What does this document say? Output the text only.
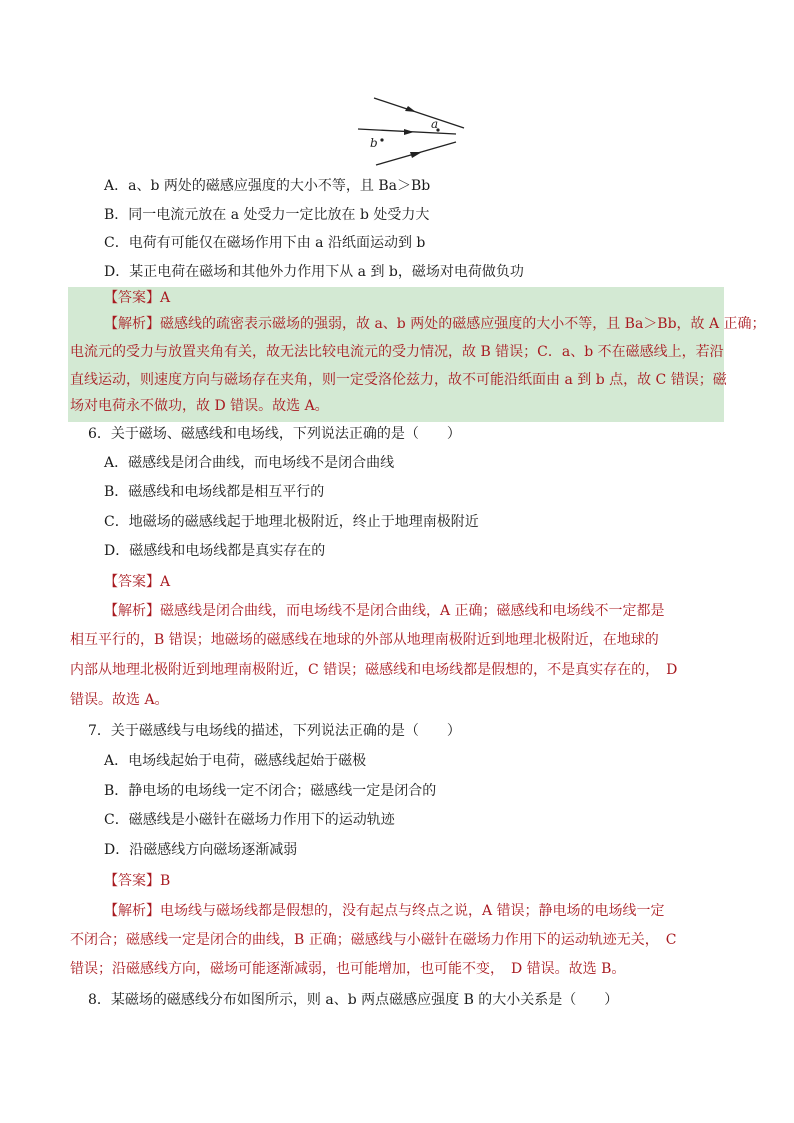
a
b
A．a、b 两处的磁感应强度的大小不等，且 Ba＞Bb
B．同一电流元放在 a 处受力一定比放在 b 处受力大
C．电荷有可能仅在磁场作用下由 a 沿纸面运动到 b
D．某正电荷在磁场和其他外力作用下从 a 到 b，磁场对电荷做负功
【答案】A
【解析】磁感线的疏密表示磁场的强弱，故 a、b 两处的磁感应强度的大小不等，且 Ba＞Bb，故 A 正确；
电流元的受力与放置夹角有关，故无法比较电流元的受力情况，故 B 错误；C．a、b 不在磁感线上，若沿
直线运动，则速度方向与磁场存在夹角，则一定受洛伦兹力，故不可能沿纸面由 a 到 b 点，故 C 错误；磁
场对电荷永不做功，故 D 错误。故选 A。
6．关于磁场、磁感线和电场线，下列说法正确的是（　　）
A．磁感线是闭合曲线，而电场线不是闭合曲线
B．磁感线和电场线都是相互平行的
C．地磁场的磁感线起于地理北极附近，终止于地理南极附近
D．磁感线和电场线都是真实存在的
【答案】A
【解析】磁感线是闭合曲线，而电场线不是闭合曲线，A 正确；磁感线和电场线不一定都是
相互平行的，B 错误；地磁场的磁感线在地球的外部从地理南极附近到地理北极附近，在地球的
内部从地理北极附近到地理南极附近，C 错误；磁感线和电场线都是假想的，不是真实存在的，　D
错误。故选 A。
7．关于磁感线与电场线的描述，下列说法正确的是（　　）
A．电场线起始于电荷，磁感线起始于磁极
B．静电场的电场线一定不闭合；磁感线一定是闭合的
C．磁感线是小磁针在磁场力作用下的运动轨迹
D．沿磁感线方向磁场逐渐减弱
【答案】B
【解析】电场线与磁场线都是假想的，没有起点与终点之说，A 错误；静电场的电场线一定
不闭合；磁感线一定是闭合的曲线，B 正确；磁感线与小磁针在磁场力作用下的运动轨迹无关，　C
错误；沿磁感线方向，磁场可能逐渐减弱，也可能增加，也可能不变，　D 错误。故选 B。
8．某磁场的磁感线分布如图所示，则 a、b 两点磁感应强度 B 的大小关系是（　　）
